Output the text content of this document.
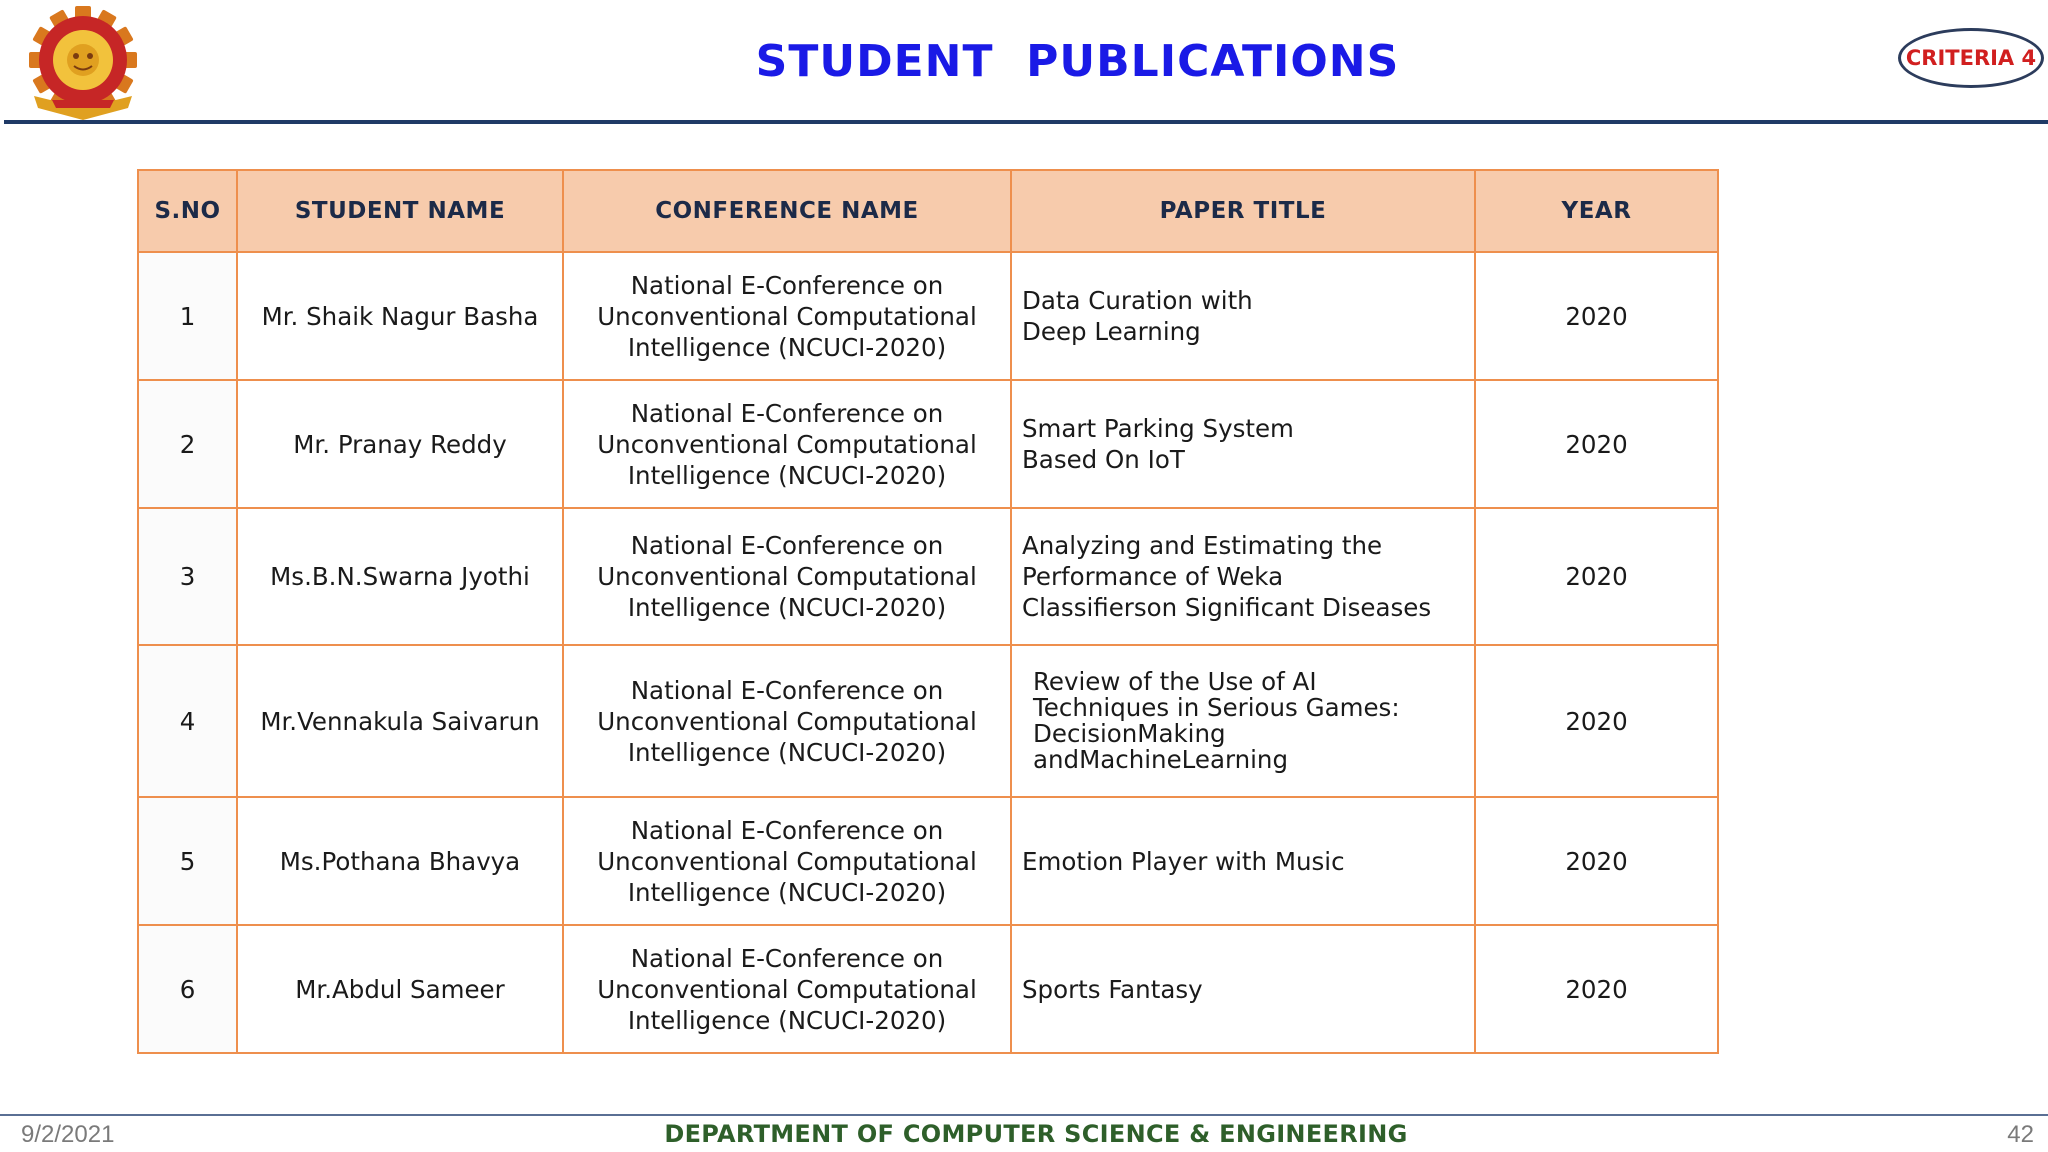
STUDENT  PUBLICATIONS	CRITERIA 4
S.NO	STUDENT NAME	CONFERENCE NAME	PAPER TITLE	YEAR
1	Mr. Shaik Nagur Basha	National E-Conference on
Unconventional Computational
Intelligence (NCUCI-2020)	Data Curation with
Deep Learning	2020
2	Mr. Pranay Reddy	National E-Conference on
Unconventional Computational
Intelligence (NCUCI-2020)	Smart Parking System
Based On IoT	2020
3	Ms.B.N.Swarna Jyothi	National E-Conference on
Unconventional Computational
Intelligence (NCUCI-2020)	Analyzing and Estimating the
Performance of Weka
Classifierson Significant Diseases	2020
4	Mr.Vennakula Saivarun	National E-Conference on
Unconventional Computational
Intelligence (NCUCI-2020)	Review of the Use of AI
Techniques in Serious Games:
DecisionMaking
andMachineLearning	2020
5	Ms.Pothana Bhavya	National E-Conference on
Unconventional Computational
Intelligence (NCUCI-2020)	Emotion Player with Music	2020
6	Mr.Abdul Sameer	National E-Conference on
Unconventional Computational
Intelligence (NCUCI-2020)	Sports Fantasy	2020
9/2/2021	DEPARTMENT OF COMPUTER SCIENCE & ENGINEERING	42
